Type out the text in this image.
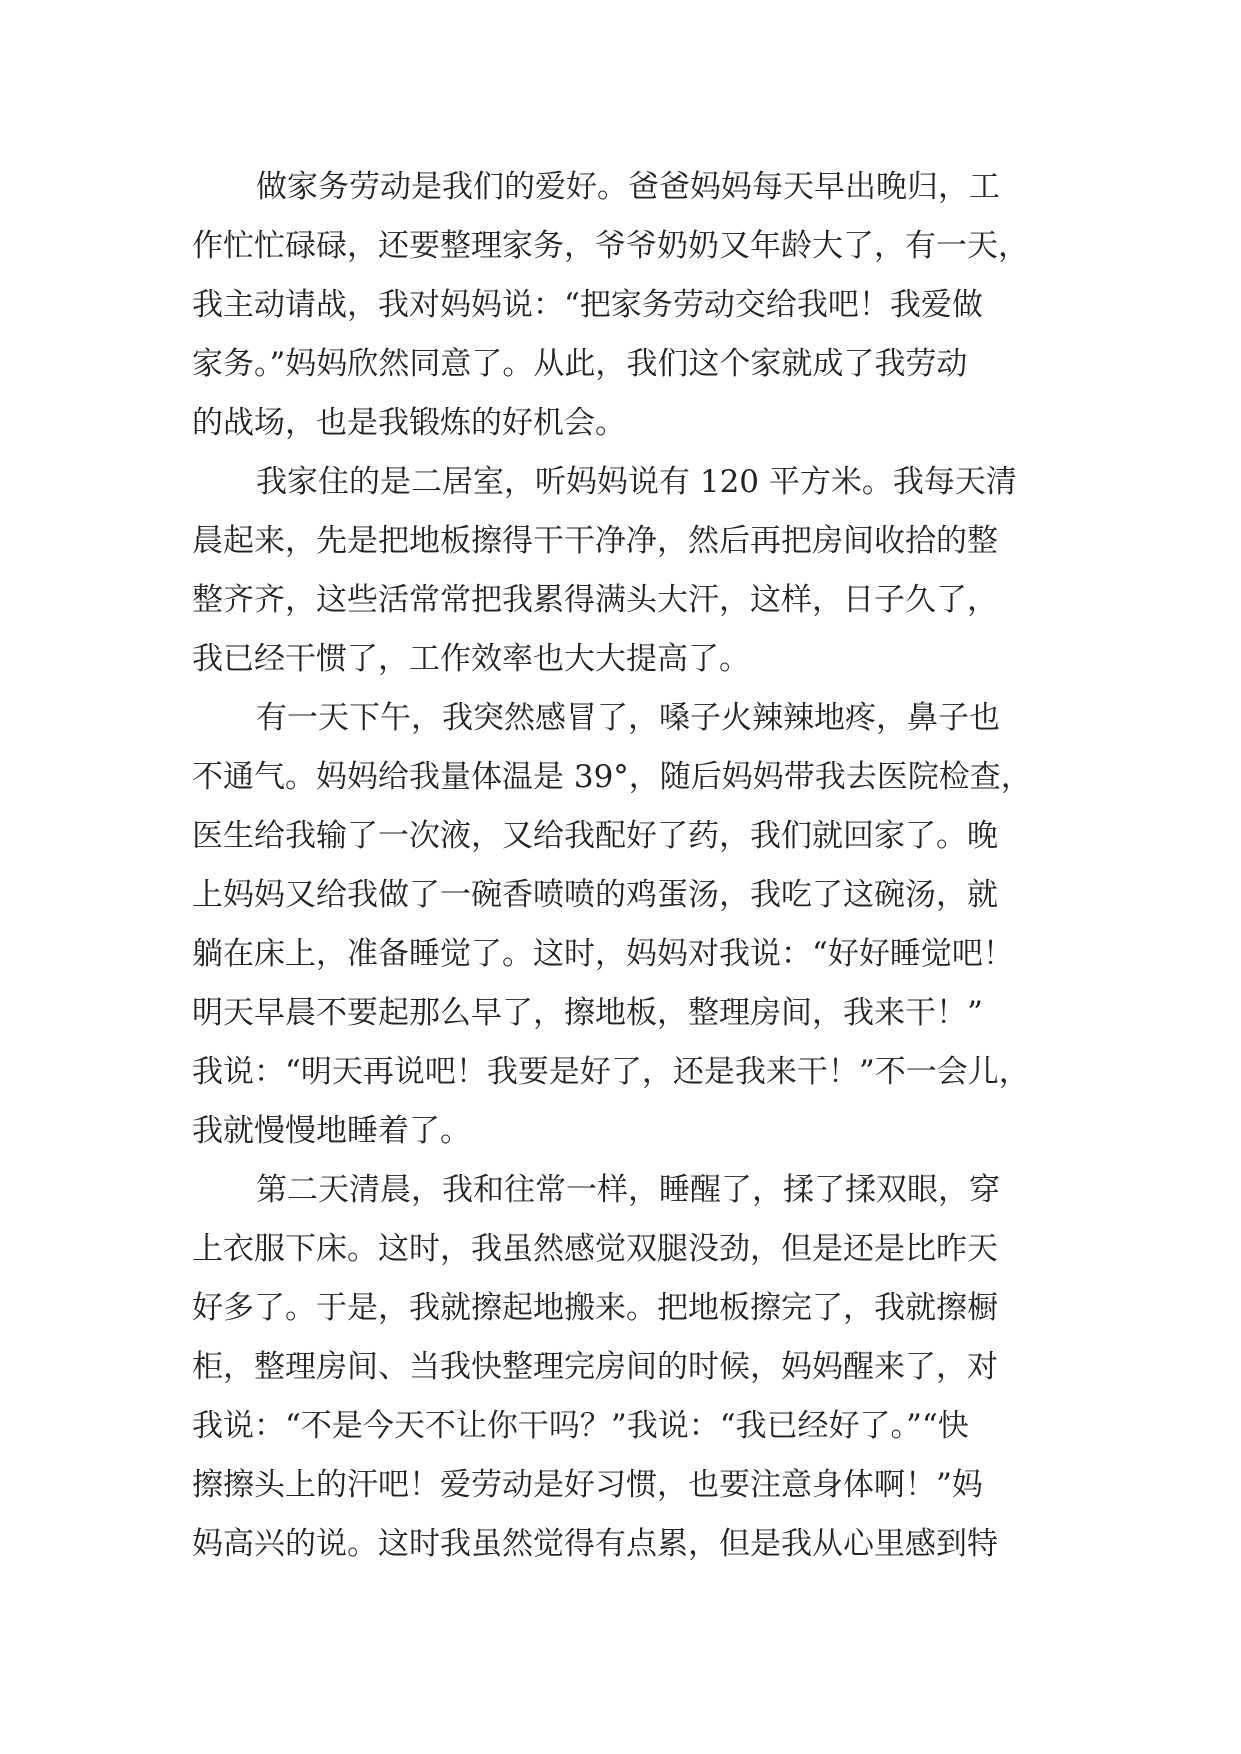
做家务劳动是我们的爱好。爸爸妈妈每天早出晚归，工
作忙忙碌碌，还要整理家务，爷爷奶奶又年龄大了，有一天，
我主动请战，我对妈妈说：“把家务劳动交给我吧！我爱做
家务。”妈妈欣然同意了。从此，我们这个家就成了我劳动
的战场，也是我锻炼的好机会。

我家住的是二居室，听妈妈说有 120 平方米。我每天清
晨起来，先是把地板擦得干干净净，然后再把房间收拾的整
整齐齐，这些活常常把我累得满头大汗，这样，日子久了，
我已经干惯了，工作效率也大大提高了。

有一天下午，我突然感冒了，嗓子火辣辣地疼，鼻子也
不通气。妈妈给我量体温是 39°，随后妈妈带我去医院检查，
医生给我输了一次液，又给我配好了药，我们就回家了。晚
上妈妈又给我做了一碗香喷喷的鸡蛋汤，我吃了这碗汤，就
躺在床上，准备睡觉了。这时，妈妈对我说：“好好睡觉吧！
明天早晨不要起那么早了，擦地板，整理房间，我来干！”
我说：“明天再说吧！我要是好了，还是我来干！”不一会儿，
我就慢慢地睡着了。

第二天清晨，我和往常一样，睡醒了，揉了揉双眼，穿
上衣服下床。这时，我虽然感觉双腿没劲，但是还是比昨天
好多了。于是，我就擦起地搬来。把地板擦完了，我就擦橱
柜，整理房间、当我快整理完房间的时候，妈妈醒来了，对
我说：“不是今天不让你干吗？”我说：“我已经好了。”“快
擦擦头上的汗吧！爱劳动是好习惯，也要注意身体啊！”妈
妈高兴的说。这时我虽然觉得有点累，但是我从心里感到特
